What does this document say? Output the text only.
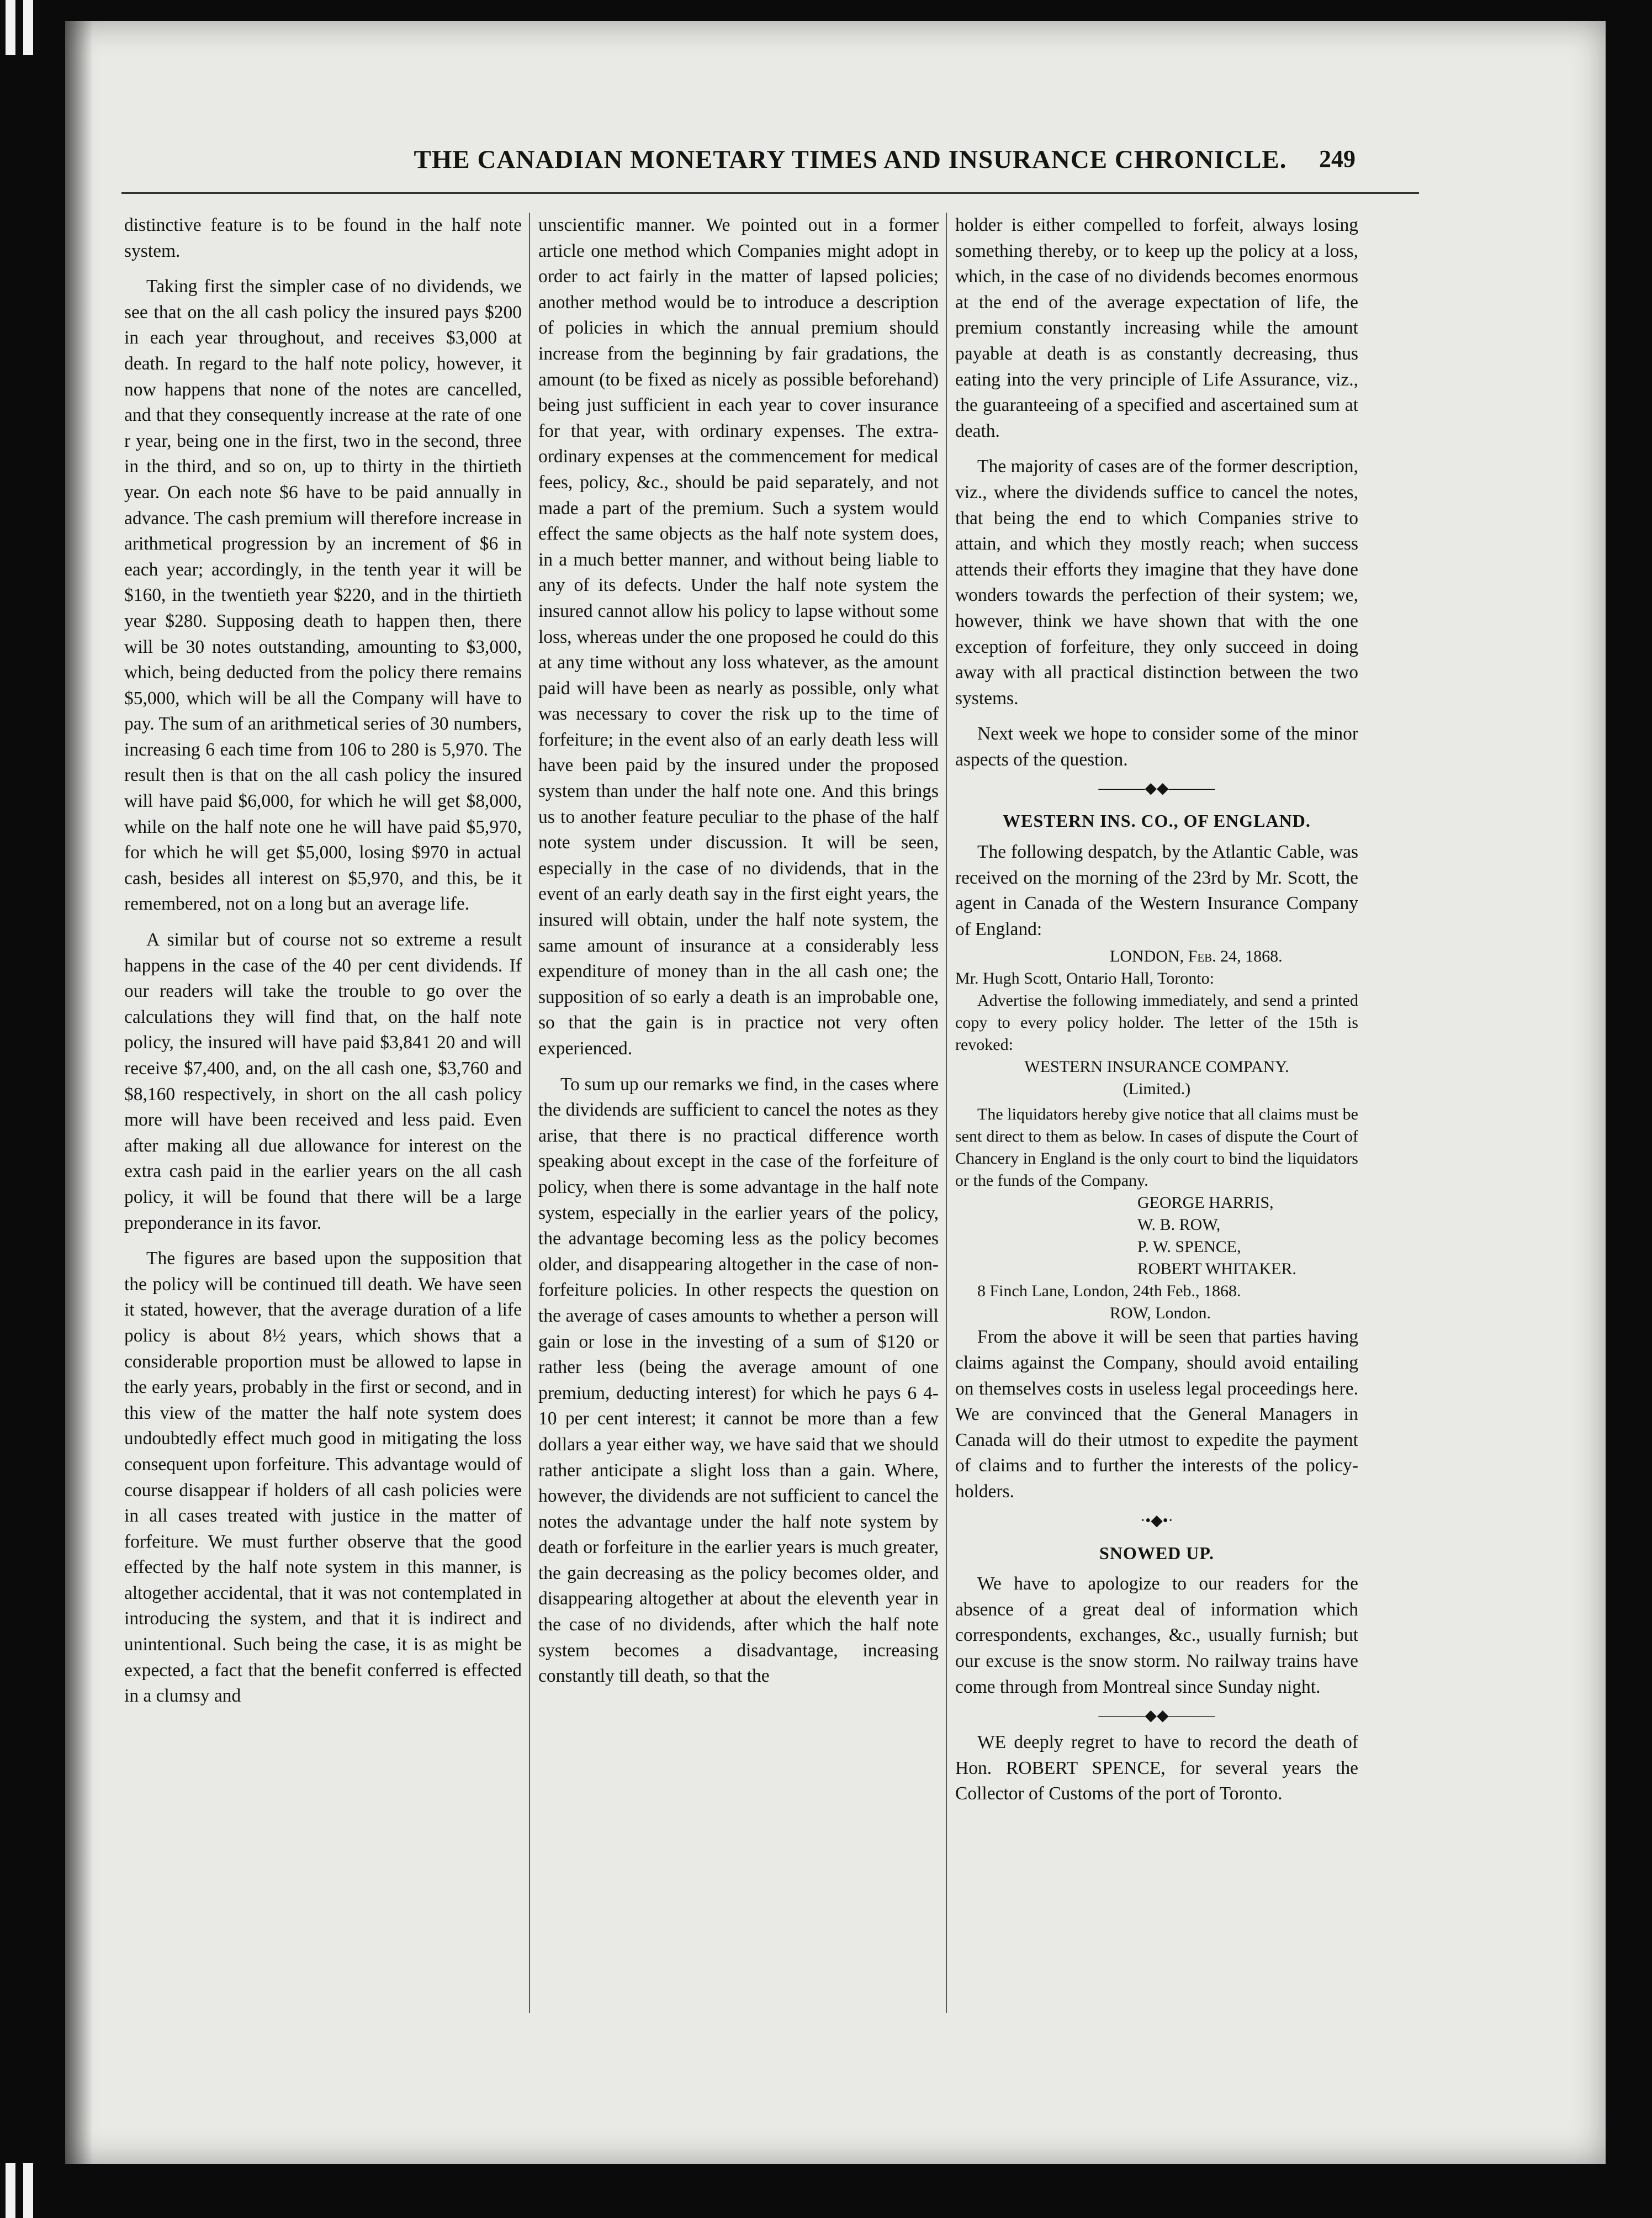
THE CANADIAN MONETARY TIMES AND INSURANCE CHRONICLE.	249

distinctive feature is to be found in the half note system.

Taking first the simpler case of no dividends, we see that on the all cash policy the insured pays $200 in each year throughout, and receives $3,000 at death. In regard to the half note policy, however, it now happens that none of the notes are cancelled, and that they consequently increase at the rate of one r year, being one in the first, two in the second, three in the third, and so on, up to thirty in the thirtieth year. On each note $6 have to be paid annually in advance. The cash premium will therefore increase in arithmetical progression by an increment of $6 in each year; accordingly, in the tenth year it will be $160, in the twentieth year $220, and in the thirtieth year $280. Supposing death to happen then, there will be 30 notes outstanding, amounting to $3,000, which, being deducted from the policy there remains $5,000, which will be all the Company will have to pay. The sum of an arithmetical series of 30 numbers, increasing 6 each time from 106 to 280 is 5,970. The result then is that on the all cash policy the insured will have paid $6,000, for which he will get $8,000, while on the half note one he will have paid $5,970, for which he will get $5,000, losing $970 in actual cash, besides all interest on $5,970, and this, be it remembered, not on a long but an average life.

A similar but of course not so extreme a result happens in the case of the 40 per cent dividends. If our readers will take the trouble to go over the calculations they will find that, on the half note policy, the insured will have paid $3,841 20 and will receive $7,400, and, on the all cash one, $3,760 and $8,160 respectively, in short on the all cash policy more will have been received and less paid. Even after making all due allowance for interest on the extra cash paid in the earlier years on the all cash policy, it will be found that there will be a large preponderance in its favor.

The figures are based upon the supposition that the policy will be continued till death. We have seen it stated, however, that the average duration of a life policy is about 8½ years, which shows that a considerable proportion must be allowed to lapse in the early years, probably in the first or second, and in this view of the matter the half note system does undoubtedly effect much good in mitigating the loss consequent upon forfeiture. This advantage would of course disappear if holders of all cash policies were in all cases treated with justice in the matter of forfeiture. We must further observe that the good effected by the half note system in this manner, is altogether accidental, that it was not contemplated in introducing the system, and that it is indirect and unintentional. Such being the case, it is as might be expected, a fact that the benefit conferred is effected in a clumsy and

unscientific manner. We pointed out in a former article one method which Companies might adopt in order to act fairly in the matter of lapsed policies; another method would be to introduce a description of policies in which the annual premium should increase from the beginning by fair gradations, the amount (to be fixed as nicely as possible beforehand) being just sufficient in each year to cover insurance for that year, with ordinary expenses. The extra-ordinary expenses at the commencement for medical fees, policy, &c., should be paid separately, and not made a part of the premium. Such a system would effect the same objects as the half note system does, in a much better manner, and without being liable to any of its defects. Under the half note system the insured cannot allow his policy to lapse without some loss, whereas under the one proposed he could do this at any time without any loss whatever, as the amount paid will have been as nearly as possible, only what was necessary to cover the risk up to the time of forfeiture; in the event also of an early death less will have been paid by the insured under the proposed system than under the half note one. And this brings us to another feature peculiar to the phase of the half note system under discussion. It will be seen, especially in the case of no dividends, that in the event of an early death say in the first eight years, the insured will obtain, under the half note system, the same amount of insurance at a considerably less expenditure of money than in the all cash one; the supposition of so early a death is an improbable one, so that the gain is in practice not very often experienced.

To sum up our remarks we find, in the cases where the dividends are sufficient to cancel the notes as they arise, that there is no practical difference worth speaking about except in the case of the forfeiture of policy, when there is some advantage in the half note system, especially in the earlier years of the policy, the advantage becoming less as the policy becomes older, and disappearing altogether in the case of non-forfeiture policies. In other respects the question on the average of cases amounts to whether a person will gain or lose in the investing of a sum of $120 or rather less (being the average amount of one premium, deducting interest) for which he pays 6 4-10 per cent interest; it cannot be more than a few dollars a year either way, we have said that we should rather anticipate a slight loss than a gain. Where, however, the dividends are not sufficient to cancel the notes the advantage under the half note system by death or forfeiture in the earlier years is much greater, the gain decreasing as the policy becomes older, and disappearing altogether at about the eleventh year in the case of no dividends, after which the half note system becomes a disadvantage, increasing constantly till death, so that the

holder is either compelled to forfeit, always losing something thereby, or to keep up the policy at a loss, which, in the case of no dividends becomes enormous at the end of the average expectation of life, the premium constantly increasing while the amount payable at death is as constantly decreasing, thus eating into the very principle of Life Assurance, viz., the guaranteeing of a specified and ascertained sum at death.

The majority of cases are of the former description, viz., where the dividends suffice to cancel the notes, that being the end to which Companies strive to attain, and which they mostly reach; when success attends their efforts they imagine that they have done wonders towards the perfection of their system; we, however, think we have shown that with the one exception of forfeiture, they only succeed in doing away with all practical distinction between the two systems.

Next week we hope to consider some of the minor aspects of the question.

———◆◆———
WESTERN INS. CO., OF ENGLAND.

The following despatch, by the Atlantic Cable, was received on the morning of the 23rd by Mr. Scott, the agent in Canada of the Western Insurance Company of England:

LONDON, Feb. 24, 1868.
Mr. Hugh Scott, Ontario Hall, Toronto:
Advertise the following immediately, and send a printed copy to every policy holder. The letter of the 15th is revoked:
WESTERN INSURANCE COMPANY.
(Limited.)
The liquidators hereby give notice that all claims must be sent direct to them as below. In cases of dispute the Court of Chancery in England is the only court to bind the liquidators or the funds of the Company.
GEORGE HARRIS,
W. B. ROW,
P. W. SPENCE,
ROBERT WHITAKER.
8 Finch Lane, London, 24th Feb., 1868.
ROW, London.

From the above it will be seen that parties having claims against the Company, should avoid entailing on themselves costs in useless legal proceedings here. We are convinced that the General Managers in Canada will do their utmost to expedite the payment of claims and to further the interests of the policy-holders.

·•◆•·
SNOWED UP.

We have to apologize to our readers for the absence of a great deal of information which correspondents, exchanges, &c., usually furnish; but our excuse is the snow storm. No railway trains have come through from Montreal since Sunday night.

———◆◆———

WE deeply regret to have to record the death of Hon. ROBERT SPENCE, for several years the Collector of Customs of the port of Toronto.
